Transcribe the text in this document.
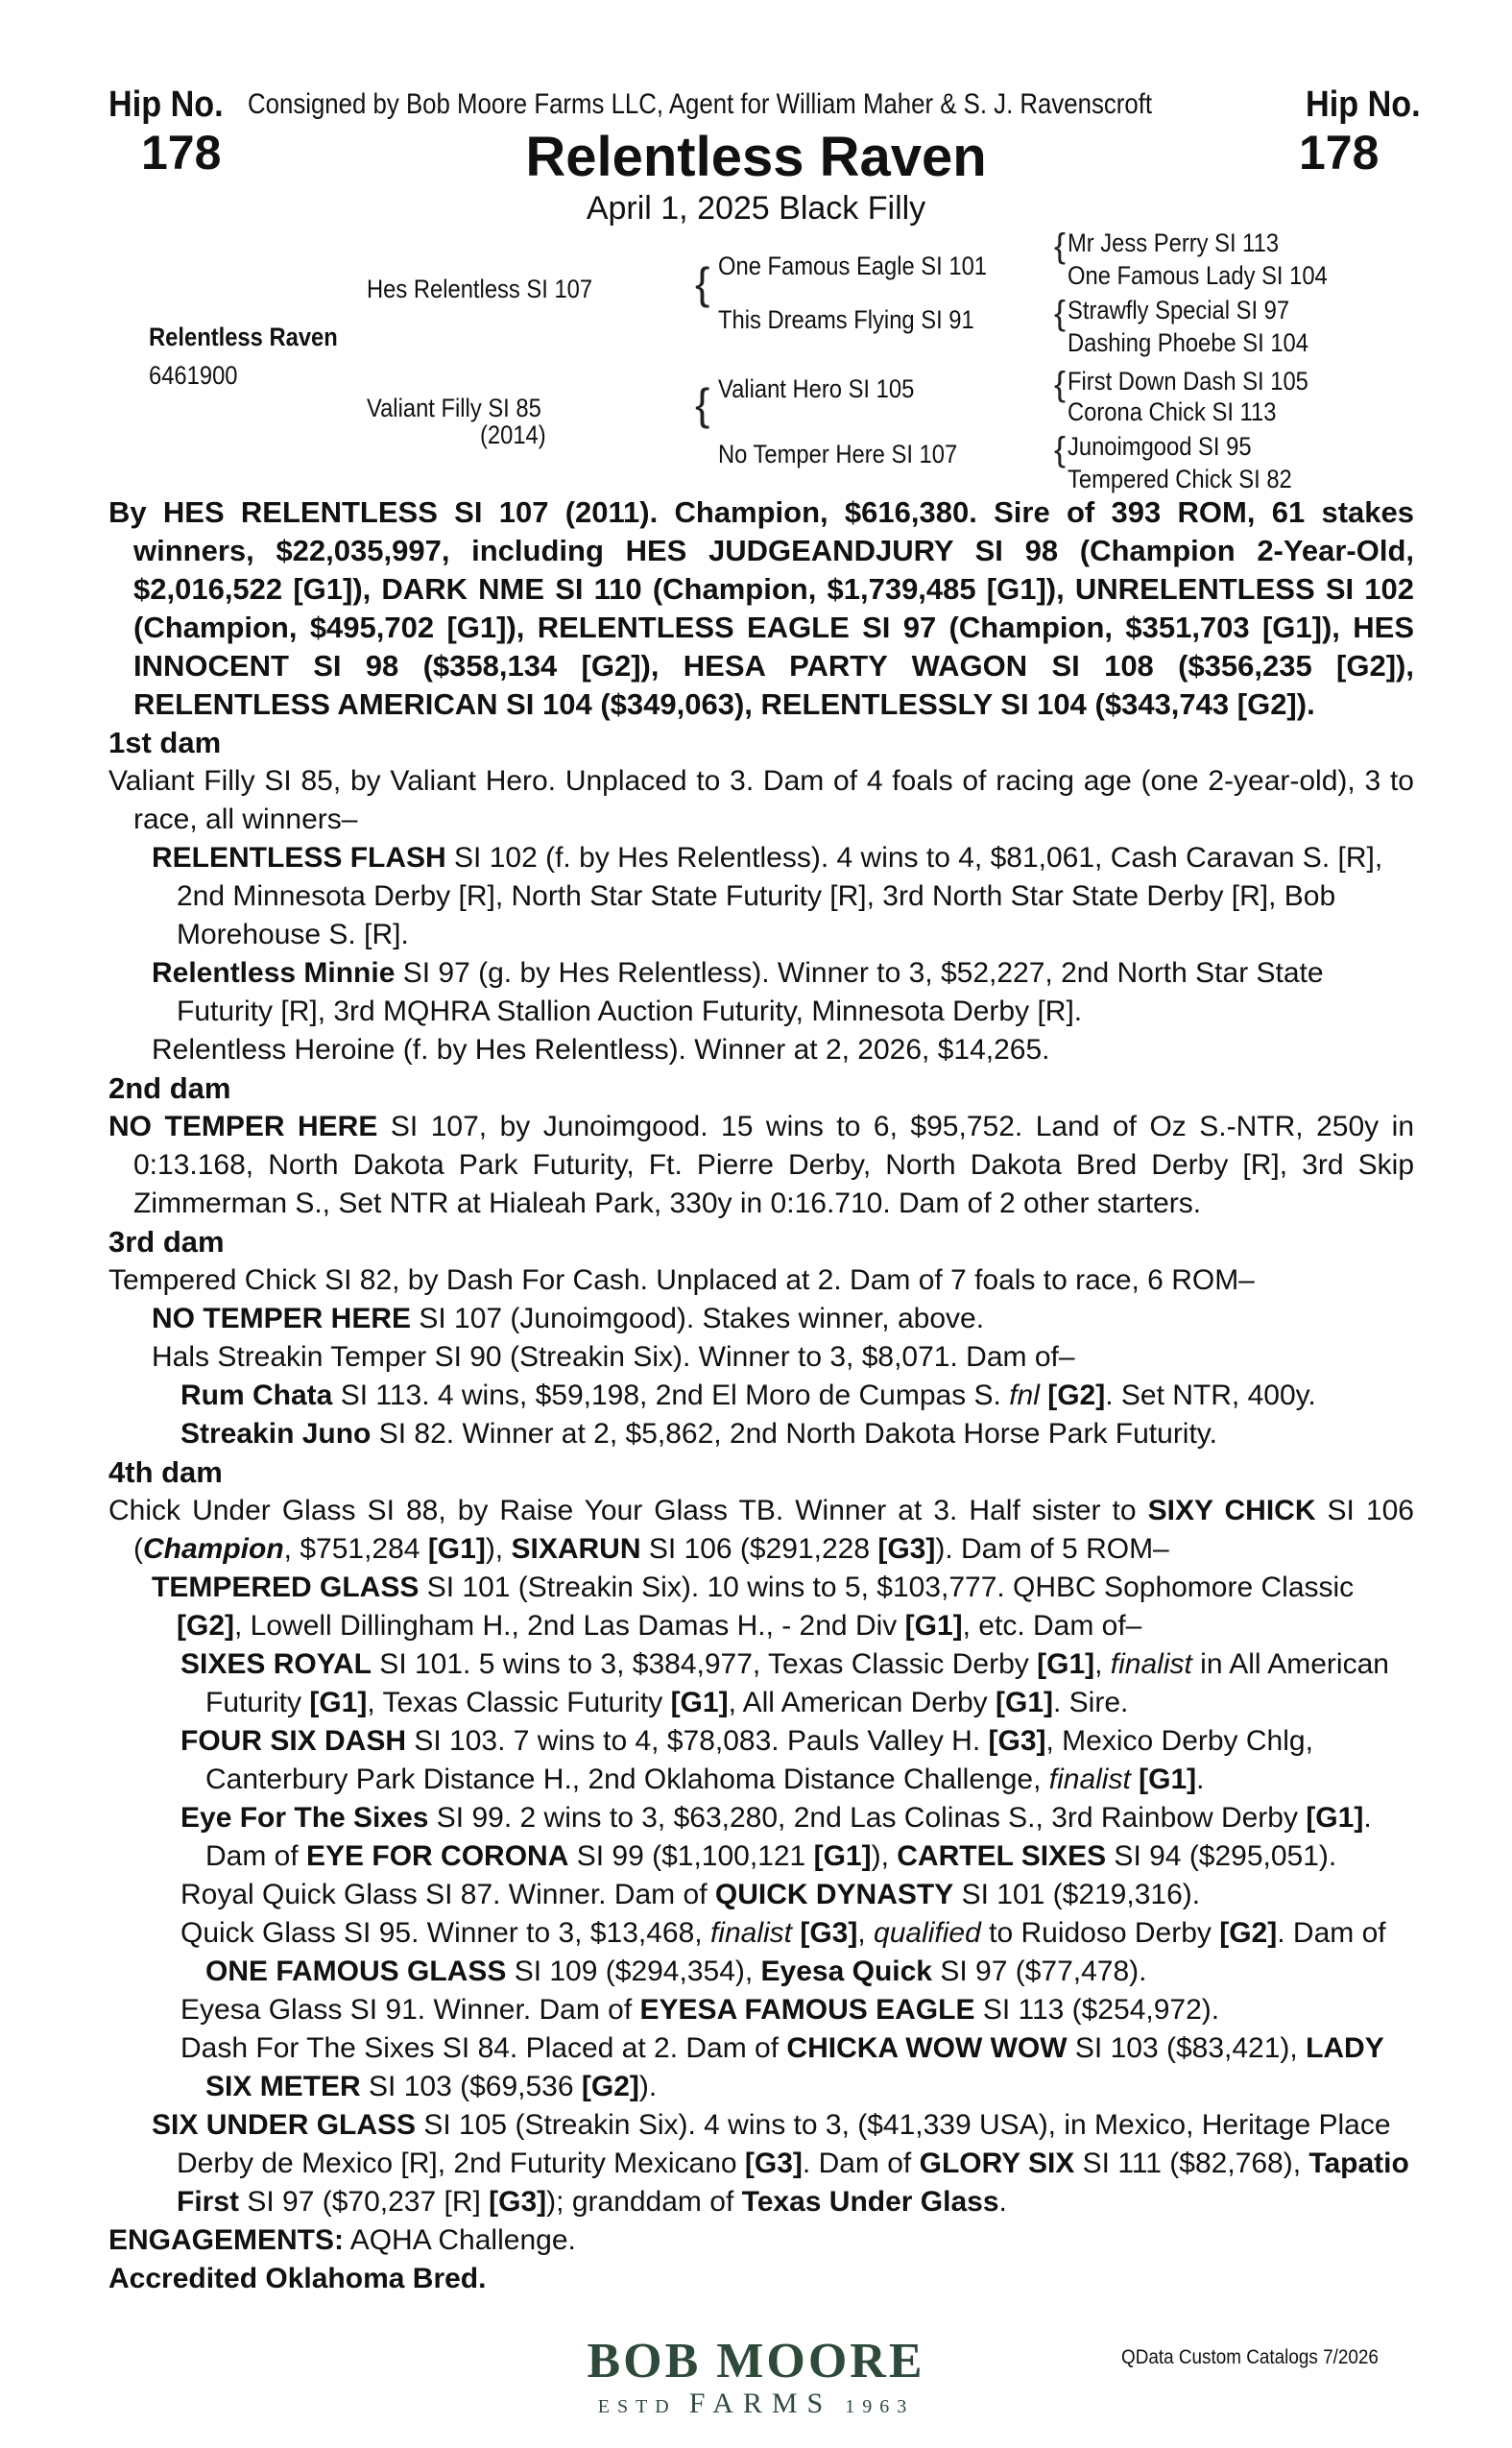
Hip No.
178
Consigned by Bob Moore Farms LLC, Agent for William Maher & S. J. Ravenscroft	Hip No.
178
Relentless Raven
April 1, 2025 Black Filly
Relentless Raven
6461900
Hes Relentless SI 107
Valiant Filly SI 85
(2014)
{
{
One Famous Eagle SI 101
This Dreams Flying SI 91
Valiant Hero SI 105
No Temper Here SI 107
{
{
{
{
Mr Jess Perry SI 113
One Famous Lady SI 104
Strawfly Special SI 97
Dashing Phoebe SI 104
First Down Dash SI 105
Corona Chick SI 113
Junoimgood SI 95
Tempered Chick SI 82

By HES RELENTLESS SI 107 (2011). Champion, $616,380. Sire of 393 ROM, 61 stakes winners, $22,035,997, including HES JUDGEANDJURY SI 98 (Champion 2-Year-Old, $2,016,522 [G1]), DARK NME SI 110 (Champion, $1,739,485 [G1]), UNRELENTLESS SI 102 (Champion, $495,702 [G1]), RELENTLESS EAGLE SI 97 (Champion, $351,703 [G1]), HES INNOCENT SI 98 ($358,134 [G2]), HESA PARTY WAGON SI 108 ($356,235 [G2]), RELENTLESS AMERICAN SI 104 ($349,063), RELENTLESSLY SI 104 ($343,743 [G2]).

1st dam

Valiant Filly SI 85, by Valiant Hero. Unplaced to 3. Dam of 4 foals of racing age (one 2-year-old), 3 to race, all winners–

RELENTLESS FLASH SI 102 (f. by Hes Relentless). 4 wins to 4, $81,061, Cash Caravan S. [R], 2nd Minnesota Derby [R], North Star State Futurity [R], 3rd North Star State Derby [R], Bob Morehouse S. [R].
Relentless Minnie SI 97 (g. by Hes Relentless). Winner to 3, $52,227, 2nd North Star State Futurity [R], 3rd MQHRA Stallion Auction Futurity, Minnesota Derby [R].
Relentless Heroine (f. by Hes Relentless). Winner at 2, 2026, $14,265.

2nd dam

NO TEMPER HERE SI 107, by Junoimgood. 15 wins to 6, $95,752. Land of Oz S.-NTR, 250y in 0:13.168, North Dakota Park Futurity, Ft. Pierre Derby, North Dakota Bred Derby [R], 3rd Skip Zimmerman S., Set NTR at Hialeah Park, 330y in 0:16.710. Dam of 2 other starters.

3rd dam

Tempered Chick SI 82, by Dash For Cash. Unplaced at 2. Dam of 7 foals to race, 6 ROM–

NO TEMPER HERE SI 107 (Junoimgood). Stakes winner, above.
Hals Streakin Temper SI 90 (Streakin Six). Winner to 3, $8,071. Dam of–
Rum Chata SI 113. 4 wins, $59,198, 2nd El Moro de Cumpas S. fnl [G2]. Set NTR, 400y.
Streakin Juno SI 82. Winner at 2, $5,862, 2nd North Dakota Horse Park Futurity.

4th dam

Chick Under Glass SI 88, by Raise Your Glass TB. Winner at 3. Half sister to SIXY CHICK SI 106 (Champion, $751,284 [G1]), SIXARUN SI 106 ($291,228 [G3]). Dam of 5 ROM–
TEMPERED GLASS SI 101 (Streakin Six). 10 wins to 5, $103,777. QHBC Sophomore Classic [G2], Lowell Dillingham H., 2nd Las Damas H., - 2nd Div [G1], etc. Dam of–
SIXES ROYAL SI 101. 5 wins to 3, $384,977, Texas Classic Derby [G1], finalist in All American Futurity [G1], Texas Classic Futurity [G1], All American Derby [G1]. Sire.
FOUR SIX DASH SI 103. 7 wins to 4, $78,083. Pauls Valley H. [G3], Mexico Derby Chlg, Canterbury Park Distance H., 2nd Oklahoma Distance Challenge, finalist [G1].
Eye For The Sixes SI 99. 2 wins to 3, $63,280, 2nd Las Colinas S., 3rd Rainbow Derby [G1]. Dam of EYE FOR CORONA SI 99 ($1,100,121 [G1]), CARTEL SIXES SI 94 ($295,051).
Royal Quick Glass SI 87. Winner. Dam of QUICK DYNASTY SI 101 ($219,316).
Quick Glass SI 95. Winner to 3, $13,468, finalist [G3], qualified to Ruidoso Derby [G2]. Dam of ONE FAMOUS GLASS SI 109 ($294,354), Eyesa Quick SI 97 ($77,478).
Eyesa Glass SI 91. Winner. Dam of EYESA FAMOUS EAGLE SI 113 ($254,972).
Dash For The Sixes SI 84. Placed at 2. Dam of CHICKA WOW WOW SI 103 ($83,421), LADY SIX METER SI 103 ($69,536 [G2]).
SIX UNDER GLASS SI 105 (Streakin Six). 4 wins to 3, ($41,339 USA), in Mexico, Heritage Place Derby de Mexico [R], 2nd Futurity Mexicano [G3]. Dam of GLORY SIX SI 111 ($82,768), Tapatio First SI 97 ($70,237 [R] [G3]); granddam of Texas Under Glass.
ENGAGEMENTS: AQHA Challenge.
Accredited Oklahoma Bred.
BOB MOORE
ESTD FARMS 1963
QData Custom Catalogs 7/2026
